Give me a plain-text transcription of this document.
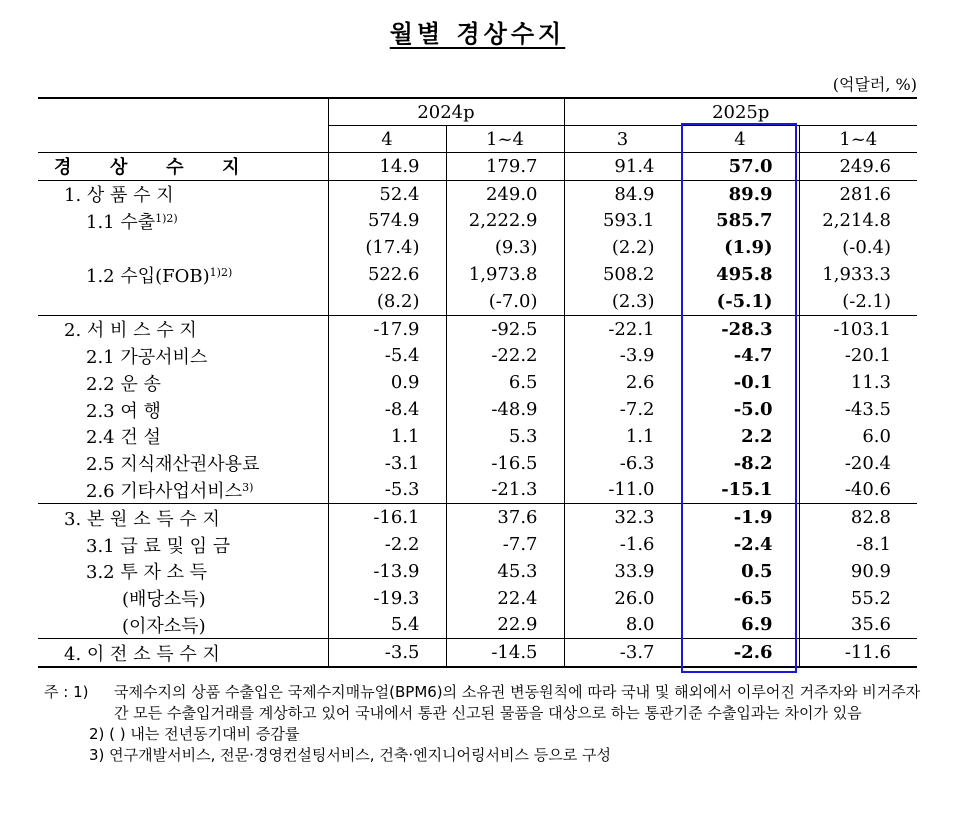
월별 경상수지
(억달러, %)
	2024p		2025p		
	4	1~4	3	4	1~4
경 상 수 지	14.9	179.7	91.4	57.0	249.6
1. 상 품 수 지	52.4	249.0	84.9	89.9	281.6
1.1 수출$^{1)2)}$	574.9	2,222.9	593.1	585.7	2,214.8
	(17.4)	(9.3)	(2.2)	(1.9)	(-0.4)
1.2 수입(FOB)$^{1)2)}$	522.6	1,973.8	508.2	495.8	1,933.3
	(8.2)	(-7.0)	(2.3)	(-5.1)	(-2.1)
2. 서 비 스 수 지	-17.9	-92.5	-22.1	-28.3	-103.1
2.1 가공서비스	-5.4	-22.2	-3.9	-4.7	-20.1
2.2 운 송	0.9	6.5	2.6	-0.1	11.3
2.3 여 행	-8.4	-48.9	-7.2	-5.0	-43.5
2.4 건 설	1.1	5.3	1.1	2.2	6.0
2.5 지식재산권사용료	-3.1	-16.5	-6.3	-8.2	-20.4
2.6 기타사업서비스$^{3)}$	-5.3	-21.3	-11.0	-15.1	-40.6
3. 본 원 소 득 수 지	-16.1	37.6	32.3	-1.9	82.8
3.1 급 료 및 임 금	-2.2	-7.7	-1.6	-2.4	-8.1
3.2 투 자 소 득	-13.9	45.3	33.9	0.5	90.9
(배당소득)	-19.3	22.4	26.0	-6.5	55.2
(이자소득)	5.4	22.9	8.0	6.9	35.6
4. 이 전 소 득 수 지	-3.5	-14.5	-3.7	-2.6	-11.6
주 : 1)	국제수지의 상품 수출입은 국제수지매뉴얼(BPM6)의 소유권 변동원칙에 따라 국내 및 해외에서 이루어진 거주자와 비거주자 간 모든 수출입거래를 계상하고 있어 국내에서 통관 신고된 물품을 대상으로 하는 통관기준 수출입과는 차이가 있음
2) ( ) 내는 전년동기대비 증감률
3) 연구개발서비스, 전문·경영컨설팅서비스, 건축·엔지니어링서비스 등으로 구성
